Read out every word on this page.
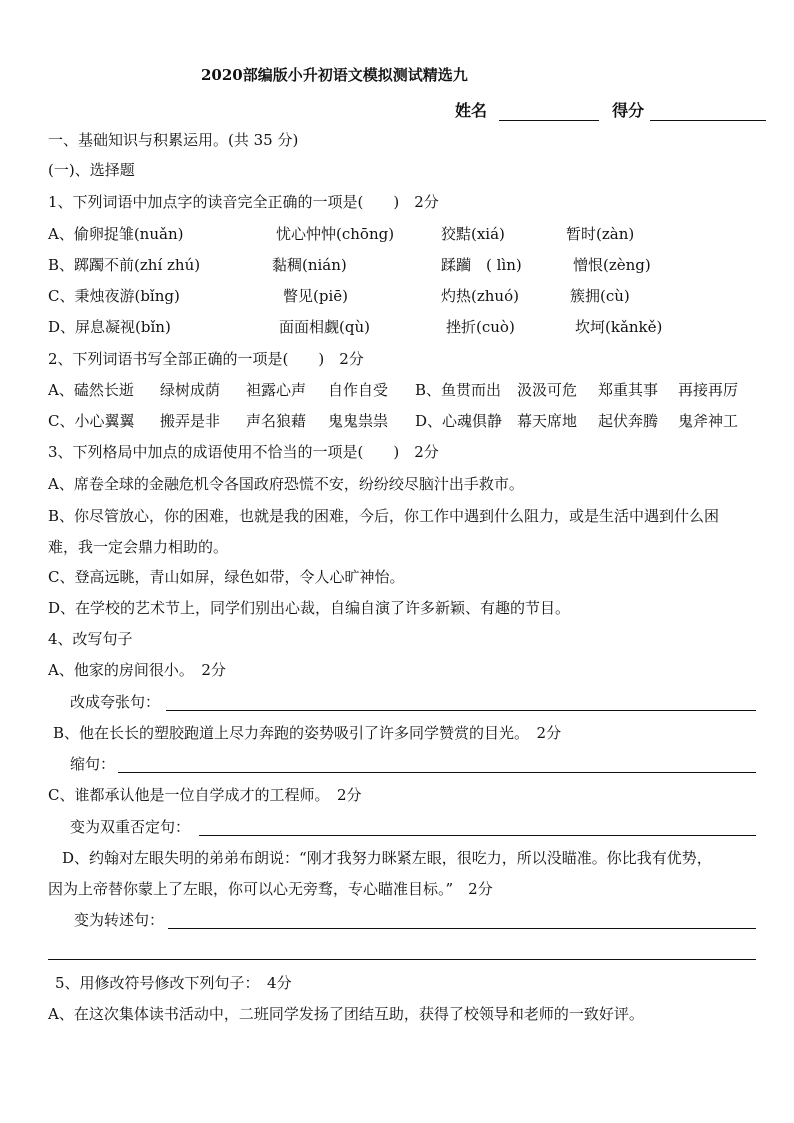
2020部编版小升初语文模拟测试精选九
姓名	得分
一、基础知识与积累运用。(共 35 分)
(一)、选择题
1、下列词语中加点字的读音完全正确的一项是(　　)　2分
A、偷卵捉雏(nuǎn)	忧心忡忡(chōng)	狡黠(xiá)	暂时(zàn)
B、踯躅不前(zhí zhú)	黏稠(nián)	蹂躏　( lìn)	憎恨(zèng)
C、秉烛夜游(bǐng)	瞥见(piē)	灼热(zhuó)	簇拥(cù)
D、屏息凝视(bǐn)	面面相觑(qù)	挫折(cuò)	坎坷(kǎnkě)
2、下列词语书写全部正确的一项是(　　)　2分
A、磕然长逝 绿树成荫 袒露心声 自作自受 B、鱼贯而出 汲汲可危 郑重其事 再接再厉
C、小心翼翼 搬弄是非 声名狼藉 鬼鬼祟祟 D、心魂俱静 幕天席地 起伏奔腾 鬼斧神工
3、下列格局中加点的成语使用不恰当的一项是(　　)　2分
A、席卷全球的金融危机令各国政府恐慌不安，纷纷绞尽脑汁出手救市。
B、你尽管放心，你的困难，也就是我的困难，今后，你工作中遇到什么阻力，或是生活中遇到什么困
难，我一定会鼎力相助的。
C、登高远眺，青山如屏，绿色如带，令人心旷神怡。
D、在学校的艺术节上，同学们别出心裁，自编自演了许多新颖、有趣的节目。
4、改写句子
A、他家的房间很小。　2分
改成夸张句：
B、他在长长的塑胶跑道上尽力奔跑的姿势吸引了许多同学赞赏的目光。　2分
缩句：
C、谁都承认他是一位自学成才的工程师。　2分
变为双重否定句：
D、约翰对左眼失明的弟弟布朗说：“刚才我努力眯紧左眼，很吃力，所以没瞄准。你比我有优势，
因为上帝替你蒙上了左眼，你可以心无旁骛，专心瞄准目标。”　2分
变为转述句：
5、用修改符号修改下列句子：　4分
A、在这次集体读书活动中，二班同学发扬了团结互助，获得了校领导和老师的一致好评。
